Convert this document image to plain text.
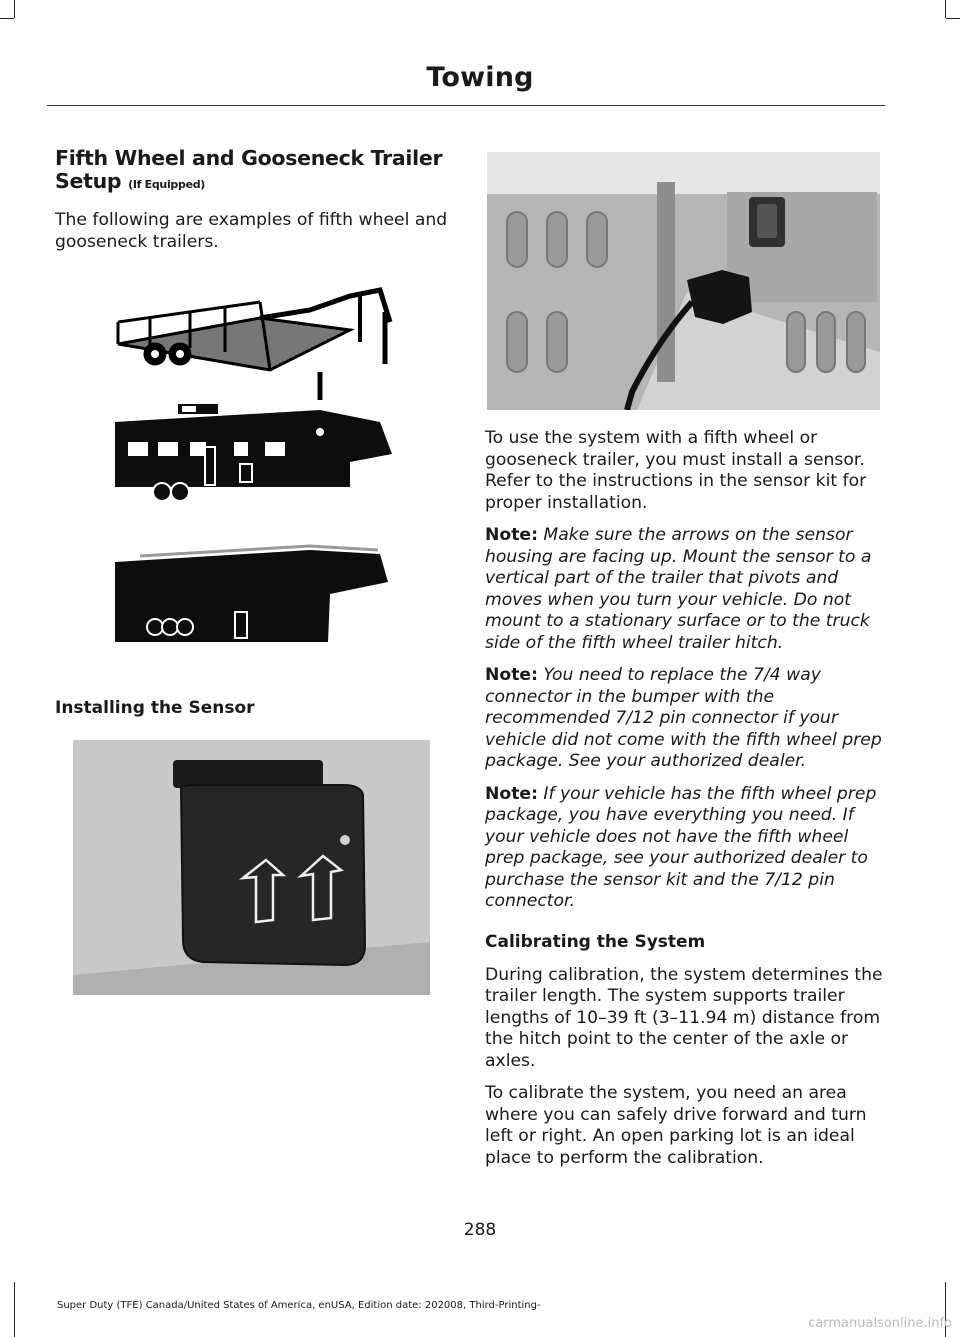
Towing
Fifth Wheel and Gooseneck Trailer Setup (If Equipped)

The following are examples of fifth wheel and gooseneck trailers.

Installing the Sensor

To use the system with a fifth wheel or gooseneck trailer, you must install a sensor. Refer to the instructions in the sensor kit for proper installation.

Note: Make sure the arrows on the sensor housing are facing up. Mount the sensor to a vertical part of the trailer that pivots and moves when you turn your vehicle. Do not mount to a stationary surface or to the truck side of the fifth wheel trailer hitch.

Note: You need to replace the 7/4 way connector in the bumper with the recommended 7/12 pin connector if your vehicle did not come with the fifth wheel prep package. See your authorized dealer.

Note: If your vehicle has the fifth wheel prep package, you have everything you need. If your vehicle does not have the fifth wheel prep package, see your authorized dealer to purchase the sensor kit and the 7/12 pin connector.

Calibrating the System

During calibration, the system determines the trailer length. The system supports trailer lengths of 10–39 ft (3–11.94 m) distance from the hitch point to the center of the axle or axles.

To calibrate the system, you need an area where you can safely drive forward and turn left or right. An open parking lot is an ideal place to perform the calibration.

288
Super Duty (TFE) Canada/United States of America, enUSA, Edition date: 202008, Third-Printing-
carmanualsonline.info
